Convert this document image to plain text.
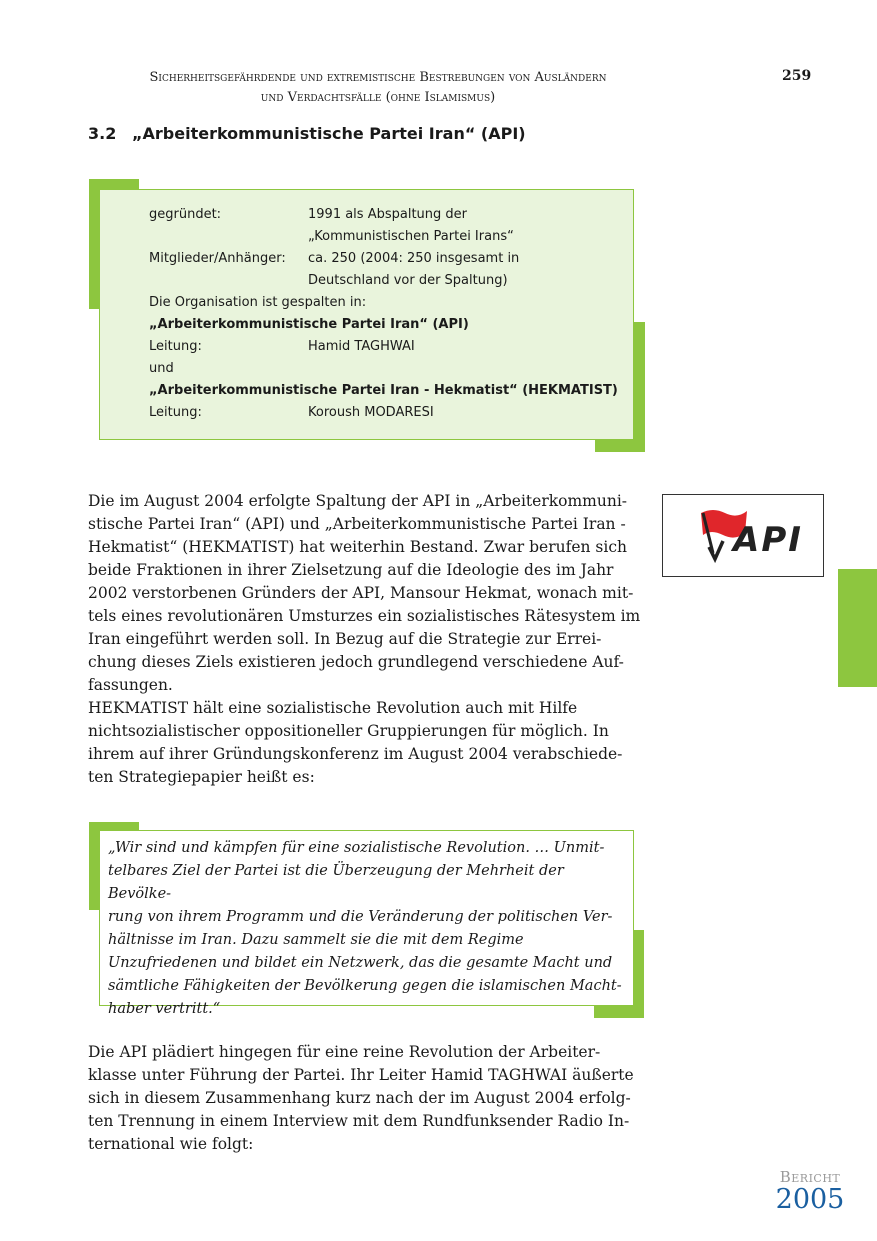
Sicherheitsgefährdende und extremistische Bestrebungen von Ausländern
und Verdachtsfälle (ohne Islamismus)
259
3.2 „Arbeiterkommunistische Partei Iran“ (API)
gegründet:	1991 als Abspaltung der
„Kommunistischen Partei Irans“
Mitglieder/Anhänger:	ca. 250 (2004: 250 insgesamt in
Deutschland vor der Spaltung)
Die Organisation ist gespalten in:
„Arbeiterkommunistische Partei Iran“ (API)
Leitung:	Hamid TAGHWAI
und
„Arbeiterkommunistische Partei Iran - Hekmatist“ (HEKMATIST)
Leitung:	Koroush MODARESI
Die im August 2004 erfolgte Spaltung der API in „Arbeiterkommuni-
stische Partei Iran“ (API) und „Arbeiterkommunistische Partei Iran -
Hekmatist“ (HEKMATIST) hat weiterhin Bestand. Zwar berufen sich
beide Fraktionen in ihrer Zielsetzung auf die Ideologie des im Jahr
2002 verstorbenen Gründers der API, Mansour Hekmat, wonach mit-
tels eines revolutionären Umsturzes ein sozialistisches Rätesystem im
Iran eingeführt werden soll. In Bezug auf die Strategie zur Errei-
chung dieses Ziels existieren jedoch grundlegend verschiedene Auf-
fassungen.
HEKMATIST hält eine sozialistische Revolution auch mit Hilfe
nichtsozialistischer oppositioneller Gruppierungen für möglich. In
ihrem auf ihrer Gründungskonferenz im August 2004 verabschiede-
ten Strategiepapier heißt es:
API
„Wir sind und kämpfen für eine sozialistische Revolution. … Unmit-
telbares Ziel der Partei ist die Überzeugung der Mehrheit der Bevölke-
rung von ihrem Programm und die Veränderung der politischen Ver-
hältnisse im Iran. Dazu sammelt sie die mit dem Regime
Unzufriedenen und bildet ein Netzwerk, das die gesamte Macht und
sämtliche Fähigkeiten der Bevölkerung gegen die islamischen Macht-
haber vertritt.“
Die API plädiert hingegen für eine reine Revolution der Arbeiter-
klasse unter Führung der Partei. Ihr Leiter Hamid TAGHWAI äußerte
sich in diesem Zusammenhang kurz nach der im August 2004 erfolg-
ten Trennung in einem Interview mit dem Rundfunksender Radio In-
ternational wie folgt:
Bericht
2005
